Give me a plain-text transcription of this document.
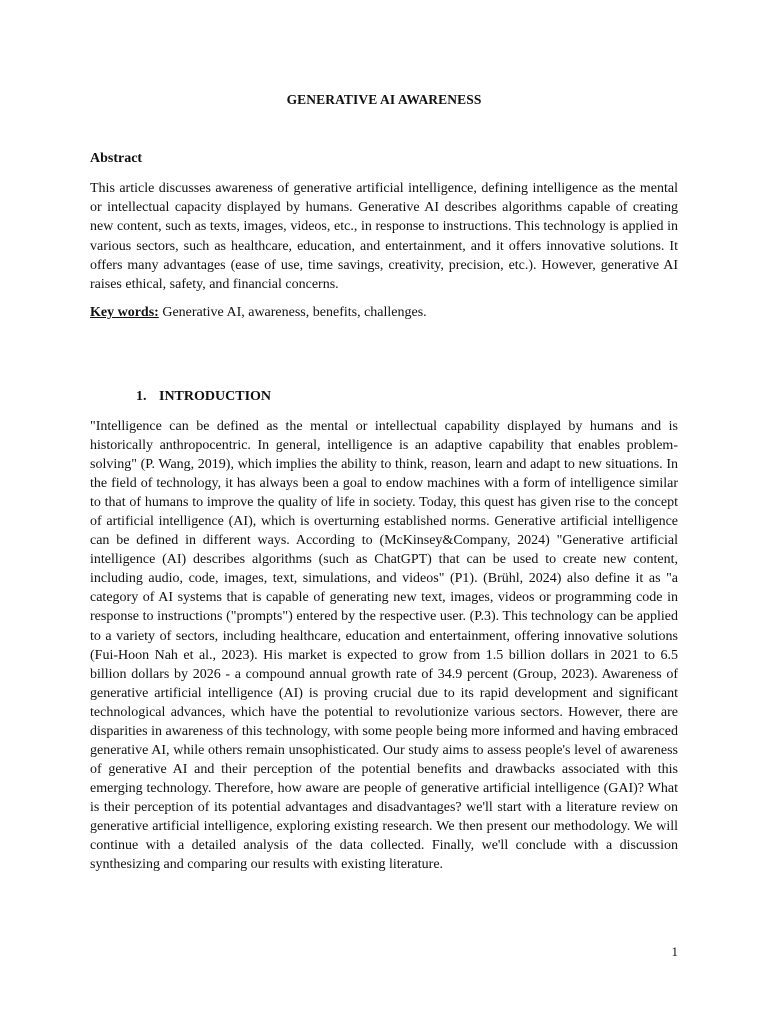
GENERATIVE AI AWARENESS
Abstract

This article discusses awareness of generative artificial intelligence, defining intelligence as the mental or intellectual capacity displayed by humans. Generative AI describes algorithms capable of creating new content, such as texts, images, videos, etc., in response to instructions. This technology is applied in various sectors, such as healthcare, education, and entertainment, and it offers innovative solutions. It offers many advantages (ease of use, time savings, creativity, precision, etc.). However, generative AI raises ethical, safety, and financial concerns.

Key words: Generative AI, awareness, benefits, challenges.

1. INTRODUCTION

"Intelligence can be defined as the mental or intellectual capability displayed by humans and is historically anthropocentric. In general, intelligence is an adaptive capability that enables problem-solving" (P. Wang, 2019), which implies the ability to think, reason, learn and adapt to new situations. In the field of technology, it has always been a goal to endow machines with a form of intelligence similar to that of humans to improve the quality of life in society. Today, this quest has given rise to the concept of artificial intelligence (AI), which is overturning established norms. Generative artificial intelligence can be defined in different ways. According to (McKinsey&Company, 2024) "Generative artificial intelligence (AI) describes algorithms (such as ChatGPT) that can be used to create new content, including audio, code, images, text, simulations, and videos" (P1). (Brühl, 2024) also define it as "a category of AI systems that is capable of generating new text, images, videos or programming code in response to instructions ("prompts") entered by the respective user. (P.3). This technology can be applied to a variety of sectors, including healthcare, education and entertainment, offering innovative solutions (Fui-Hoon Nah et al., 2023). His market is expected to grow from 1.5 billion dollars in 2021 to 6.5 billion dollars by 2026 - a compound annual growth rate of 34.9 percent (Group, 2023). Awareness of generative artificial intelligence (AI) is proving crucial due to its rapid development and significant technological advances, which have the potential to revolutionize various sectors. However, there are disparities in awareness of this technology, with some people being more informed and having embraced generative AI, while others remain unsophisticated. Our study aims to assess people's level of awareness of generative AI and their perception of the potential benefits and drawbacks associated with this emerging technology. Therefore, how aware are people of generative artificial intelligence (GAI)? What is their perception of its potential advantages and disadvantages? we'll start with a literature review on generative artificial intelligence, exploring existing research. We then present our methodology. We will continue with a detailed analysis of the data collected. Finally, we'll conclude with a discussion synthesizing and comparing our results with existing literature.

1
